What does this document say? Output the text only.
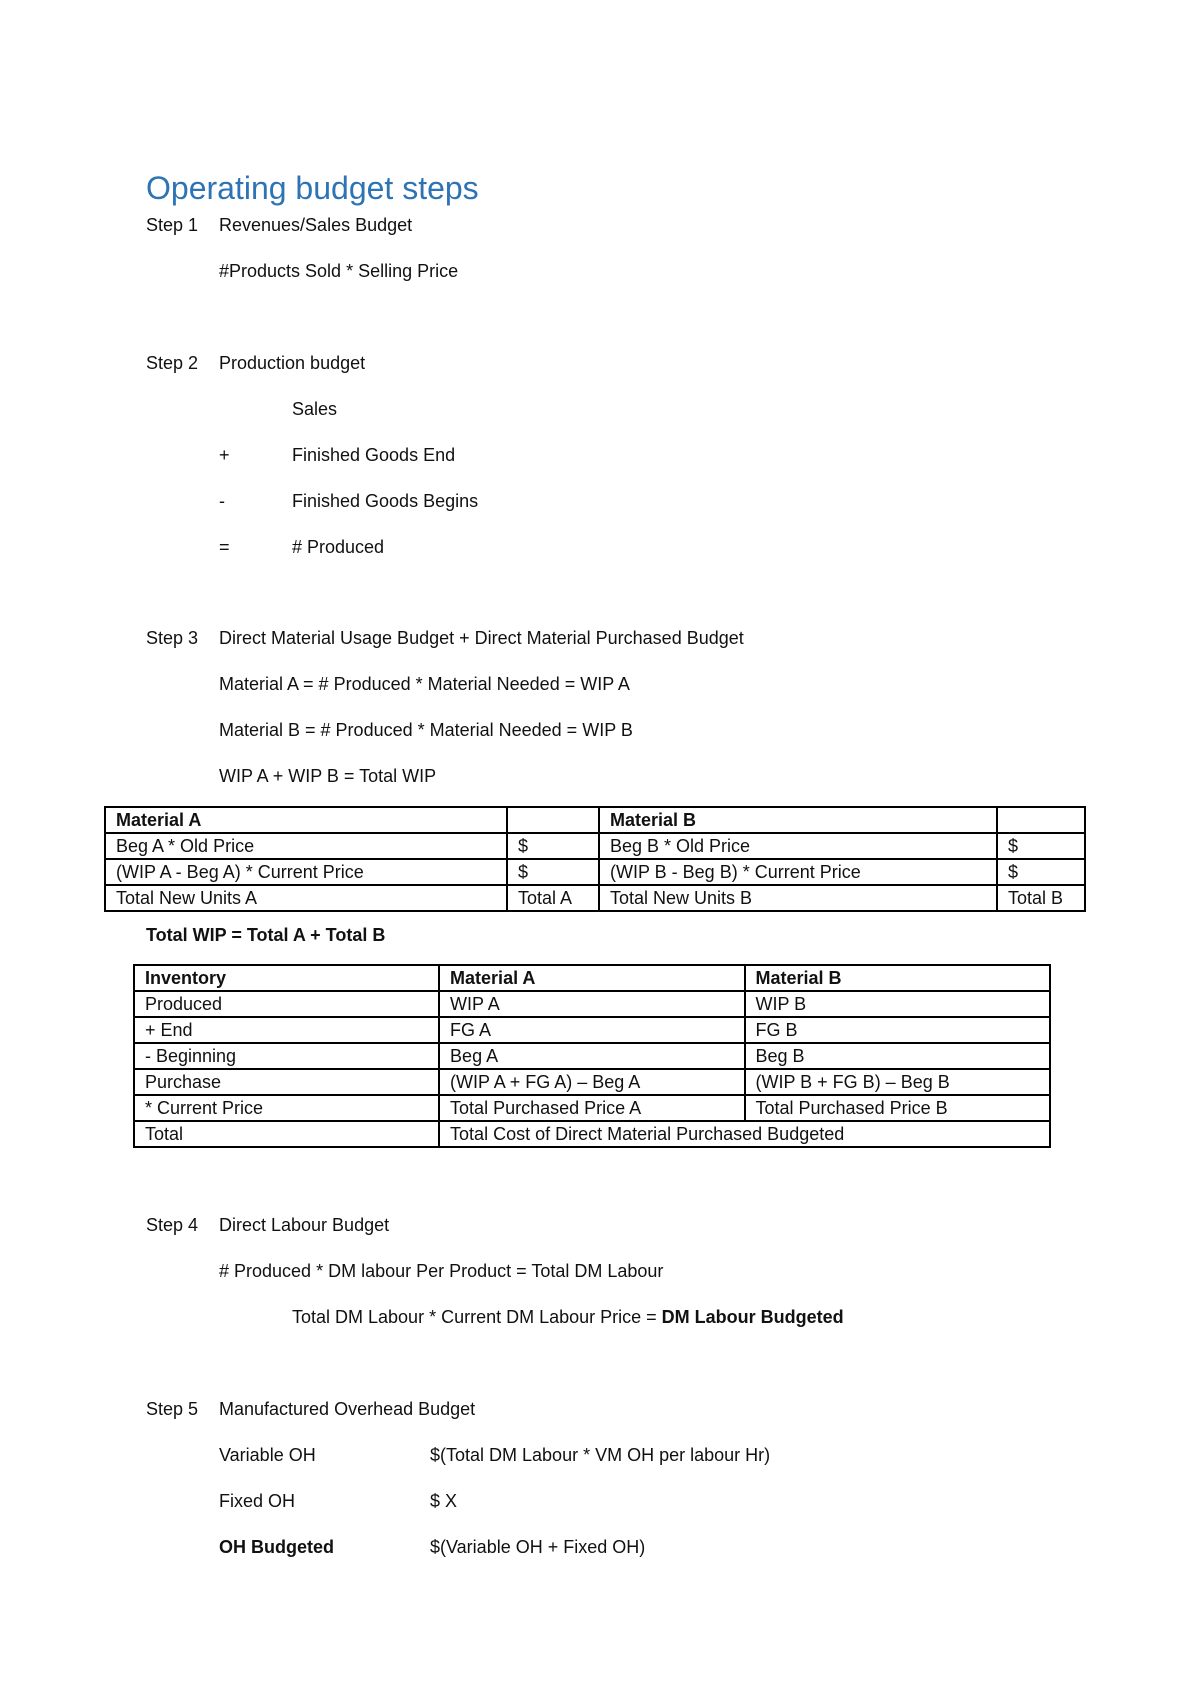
Operating budget steps
Step 1 Revenues/Sales Budget
#Products Sold * Selling Price
Step 2 Production budget
Sales
+	Finished Goods End
-	Finished Goods Begins
=	# Produced
Step 3 Direct Material Usage Budget + Direct Material Purchased Budget
Material A = # Produced * Material Needed = WIP A
Material B = # Produced * Material Needed = WIP B
WIP A + WIP B = Total WIP
Material A		Material B	
Beg A * Old Price	$	Beg B * Old Price	$
(WIP A - Beg A) * Current Price	$	(WIP B - Beg B) * Current Price	$
Total New Units A	Total A	Total New Units B	Total B
Total WIP = Total A + Total B
Inventory	Material A	Material B
Produced	WIP A	WIP B
+ End	FG A	FG B
- Beginning	Beg A	Beg B
Purchase	(WIP A + FG A) – Beg A	(WIP B + FG B) – Beg B
* Current Price	Total Purchased Price A	Total Purchased Price B
Total	Total Cost of Direct Material Purchased Budgeted	
Step 4 Direct Labour Budget
# Produced * DM labour Per Product = Total DM Labour
Total DM Labour * Current DM Labour Price = DM Labour Budgeted
Step 5 Manufactured Overhead Budget
Variable OH	$(Total DM Labour * VM OH per labour Hr)
Fixed OH	$ X
OH Budgeted	$(Variable OH + Fixed OH)
